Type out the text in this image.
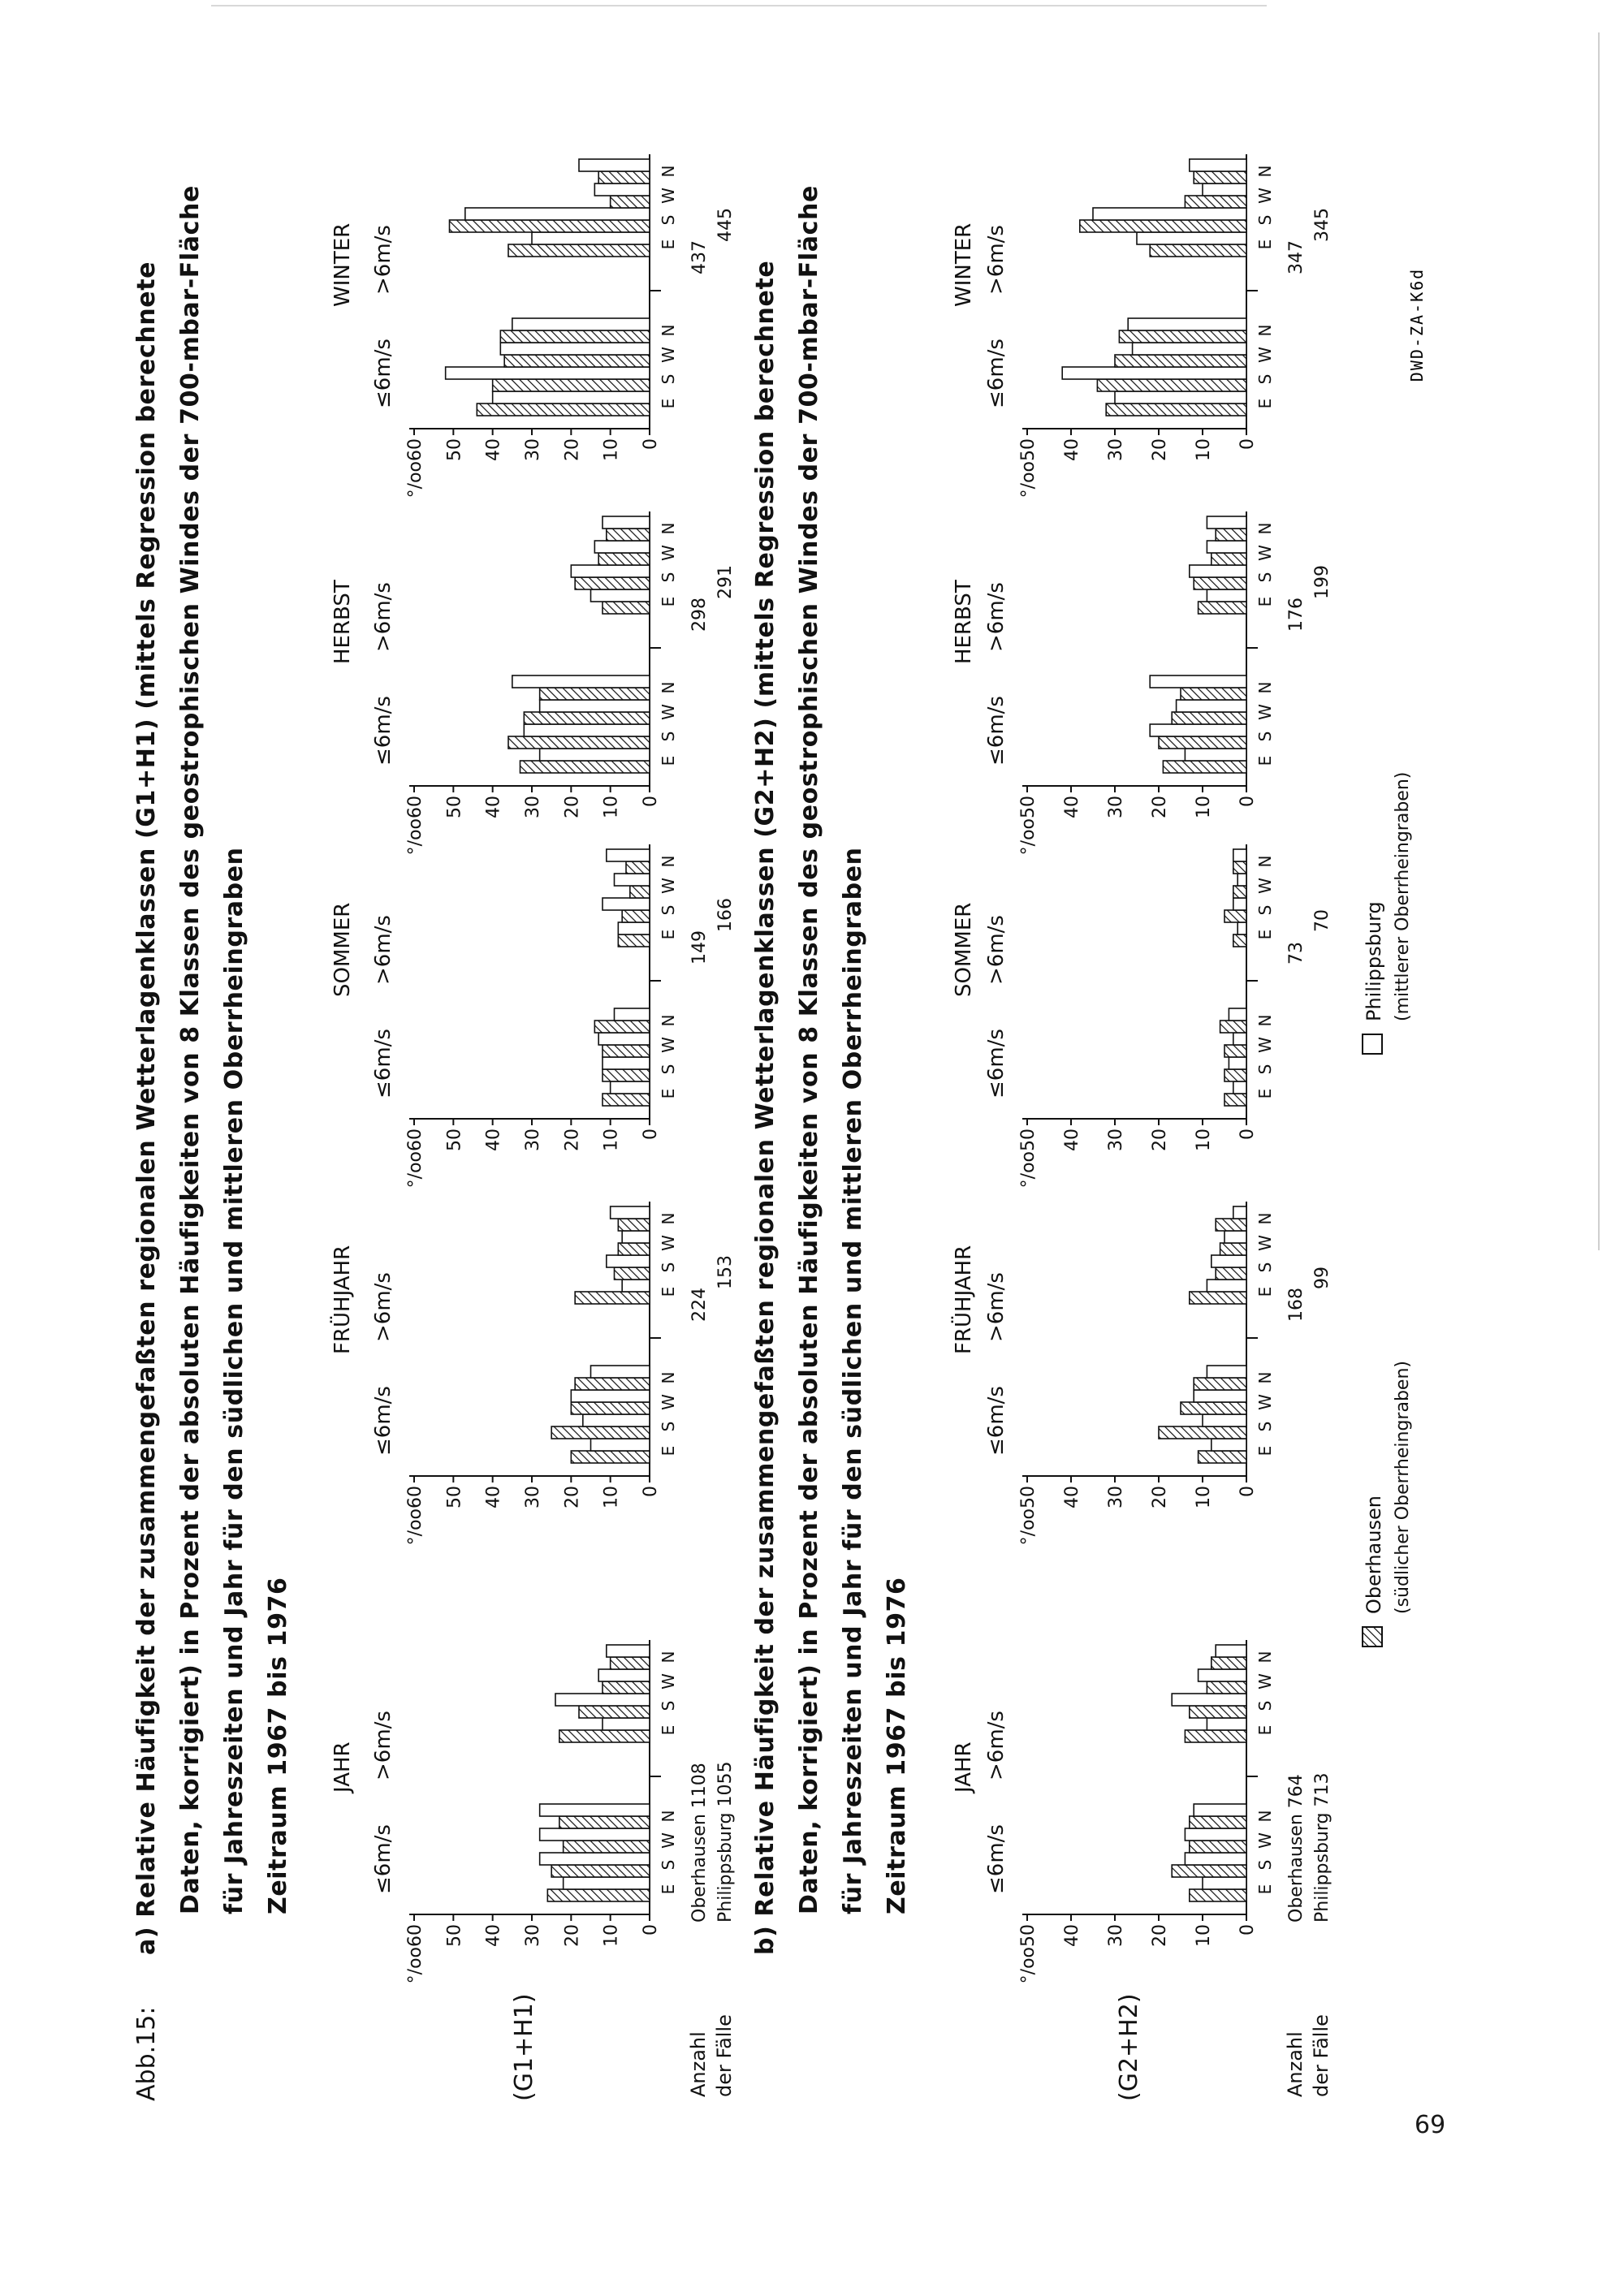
Abb.15:
a) Relative Häufigkeit der zusammengefaßten regionalen Wetterlagenklassen (G1+H1) (mittels Regression berechnete Daten, korrigiert) in Prozent der absoluten Häufigkeiten von 8 Klassen des geostrophischen Windes der 700-mbar-Fläche für Jahreszeiten und Jahr für den südlichen und mittleren Oberrheingraben Zeitraum 1967 bis 1976	b) Relative Häufigkeit der zusammengefaßten regionalen Wetterlagenklassen (G2+H2) (mittels Regression berechnete Daten, korrigiert) in Prozent der absoluten Häufigkeiten von 8 Klassen des geostrophischen Windes der 700-mbar-Fläche für Jahreszeiten und Jahr für den südlichen und mittleren Oberrheingraben Zeitraum 1967 bis 1976
(G1+H1)	Anzahl der Fälle
JAHR
≤6m/s
>6m/s
0
10
20
30
40
50
°/oo60
E
S
W
N
E
S
W
N
Oberhausen 1108 Philippsburg 1055
FRÜHJAHR
≤6m/s
>6m/s
0
10
20
30
40
50
°/oo60
E
S
W
N
E
S
W
N
224
153
SOMMER
≤6m/s
>6m/s
0
10
20
30
40
50
°/oo60
E
S
W
N
E
S
W
N
149
166
HERBST
≤6m/s
>6m/s
0
10
20
30
40
50
°/oo60
E
S
W
N
E
S
W
N
298
291
WINTER
≤6m/s
>6m/s
0
10
20
30
40
50
°/oo60
E
S
W
N
E
S
W
N
437
445
(G2+H2)	Anzahl der Fälle
JAHR
≤6m/s
>6m/s
0
10
20
30
40
°/oo50
E
S
W
N
E
S
W
N
Oberhausen 764 Philippsburg 713
FRÜHJAHR
≤6m/s
>6m/s
0
10
20
30
40
°/oo50
E
S
W
N
E
S
W
N
168
99
SOMMER
≤6m/s
>6m/s
0
10
20
30
40
°/oo50
E
S
W
N
E
S
W
N
73
70
HERBST
≤6m/s
>6m/s
0
10
20
30
40
°/oo50
E
S
W
N
E
S
W
N
176
199
WINTER
≤6m/s
>6m/s
0
10
20
30
40
°/oo50
E
S
W
N
E
S
W
N
347
345
Oberhausen (südlicher Oberrheingraben)
Philippsburg (mittlerer Oberrheingraben)
DWD-ZA-K6d
69
